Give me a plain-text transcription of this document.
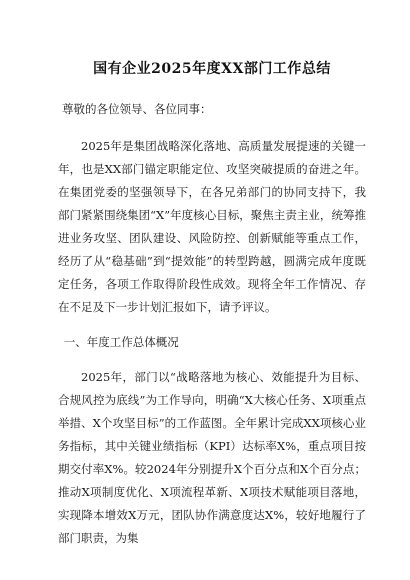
国有企业2025年度XX部门工作总结
尊敬的各位领导、各位同事：
2025年是集团战略深化落地、高质量发展提速的关键一年，也是XX部门锚定职能定位、攻坚突破提质的奋进之年。在集团党委的坚强领导下，在各兄弟部门的协同支持下，我部门紧紧围绕集团“X”年度核心目标，聚焦主责主业，统筹推进业务攻坚、团队建设、风险防控、创新赋能等重点工作，经历了从“稳基础”到“提效能”的转型跨越，圆满完成年度既定任务，各项工作取得阶段性成效。现将全年工作情况、存在不足及下一步计划汇报如下，请予评议。
一、年度工作总体概况
2025年，部门以“战略落地为核心、效能提升为目标、合规风控为底线”为工作导向，明确“X大核心任务、X项重点举措、X个攻坚目标”的工作蓝图。全年累计完成XX项核心业务指标，其中关键业绩指标（KPI）达标率X%，重点项目按期交付率X%。较2024年分别提升X个百分点和X个百分点；推动X项制度优化、X项流程革新、X项技术赋能项目落地，实现降本增效X万元，团队协作满意度达X%，较好地履行了部门职责，为集
